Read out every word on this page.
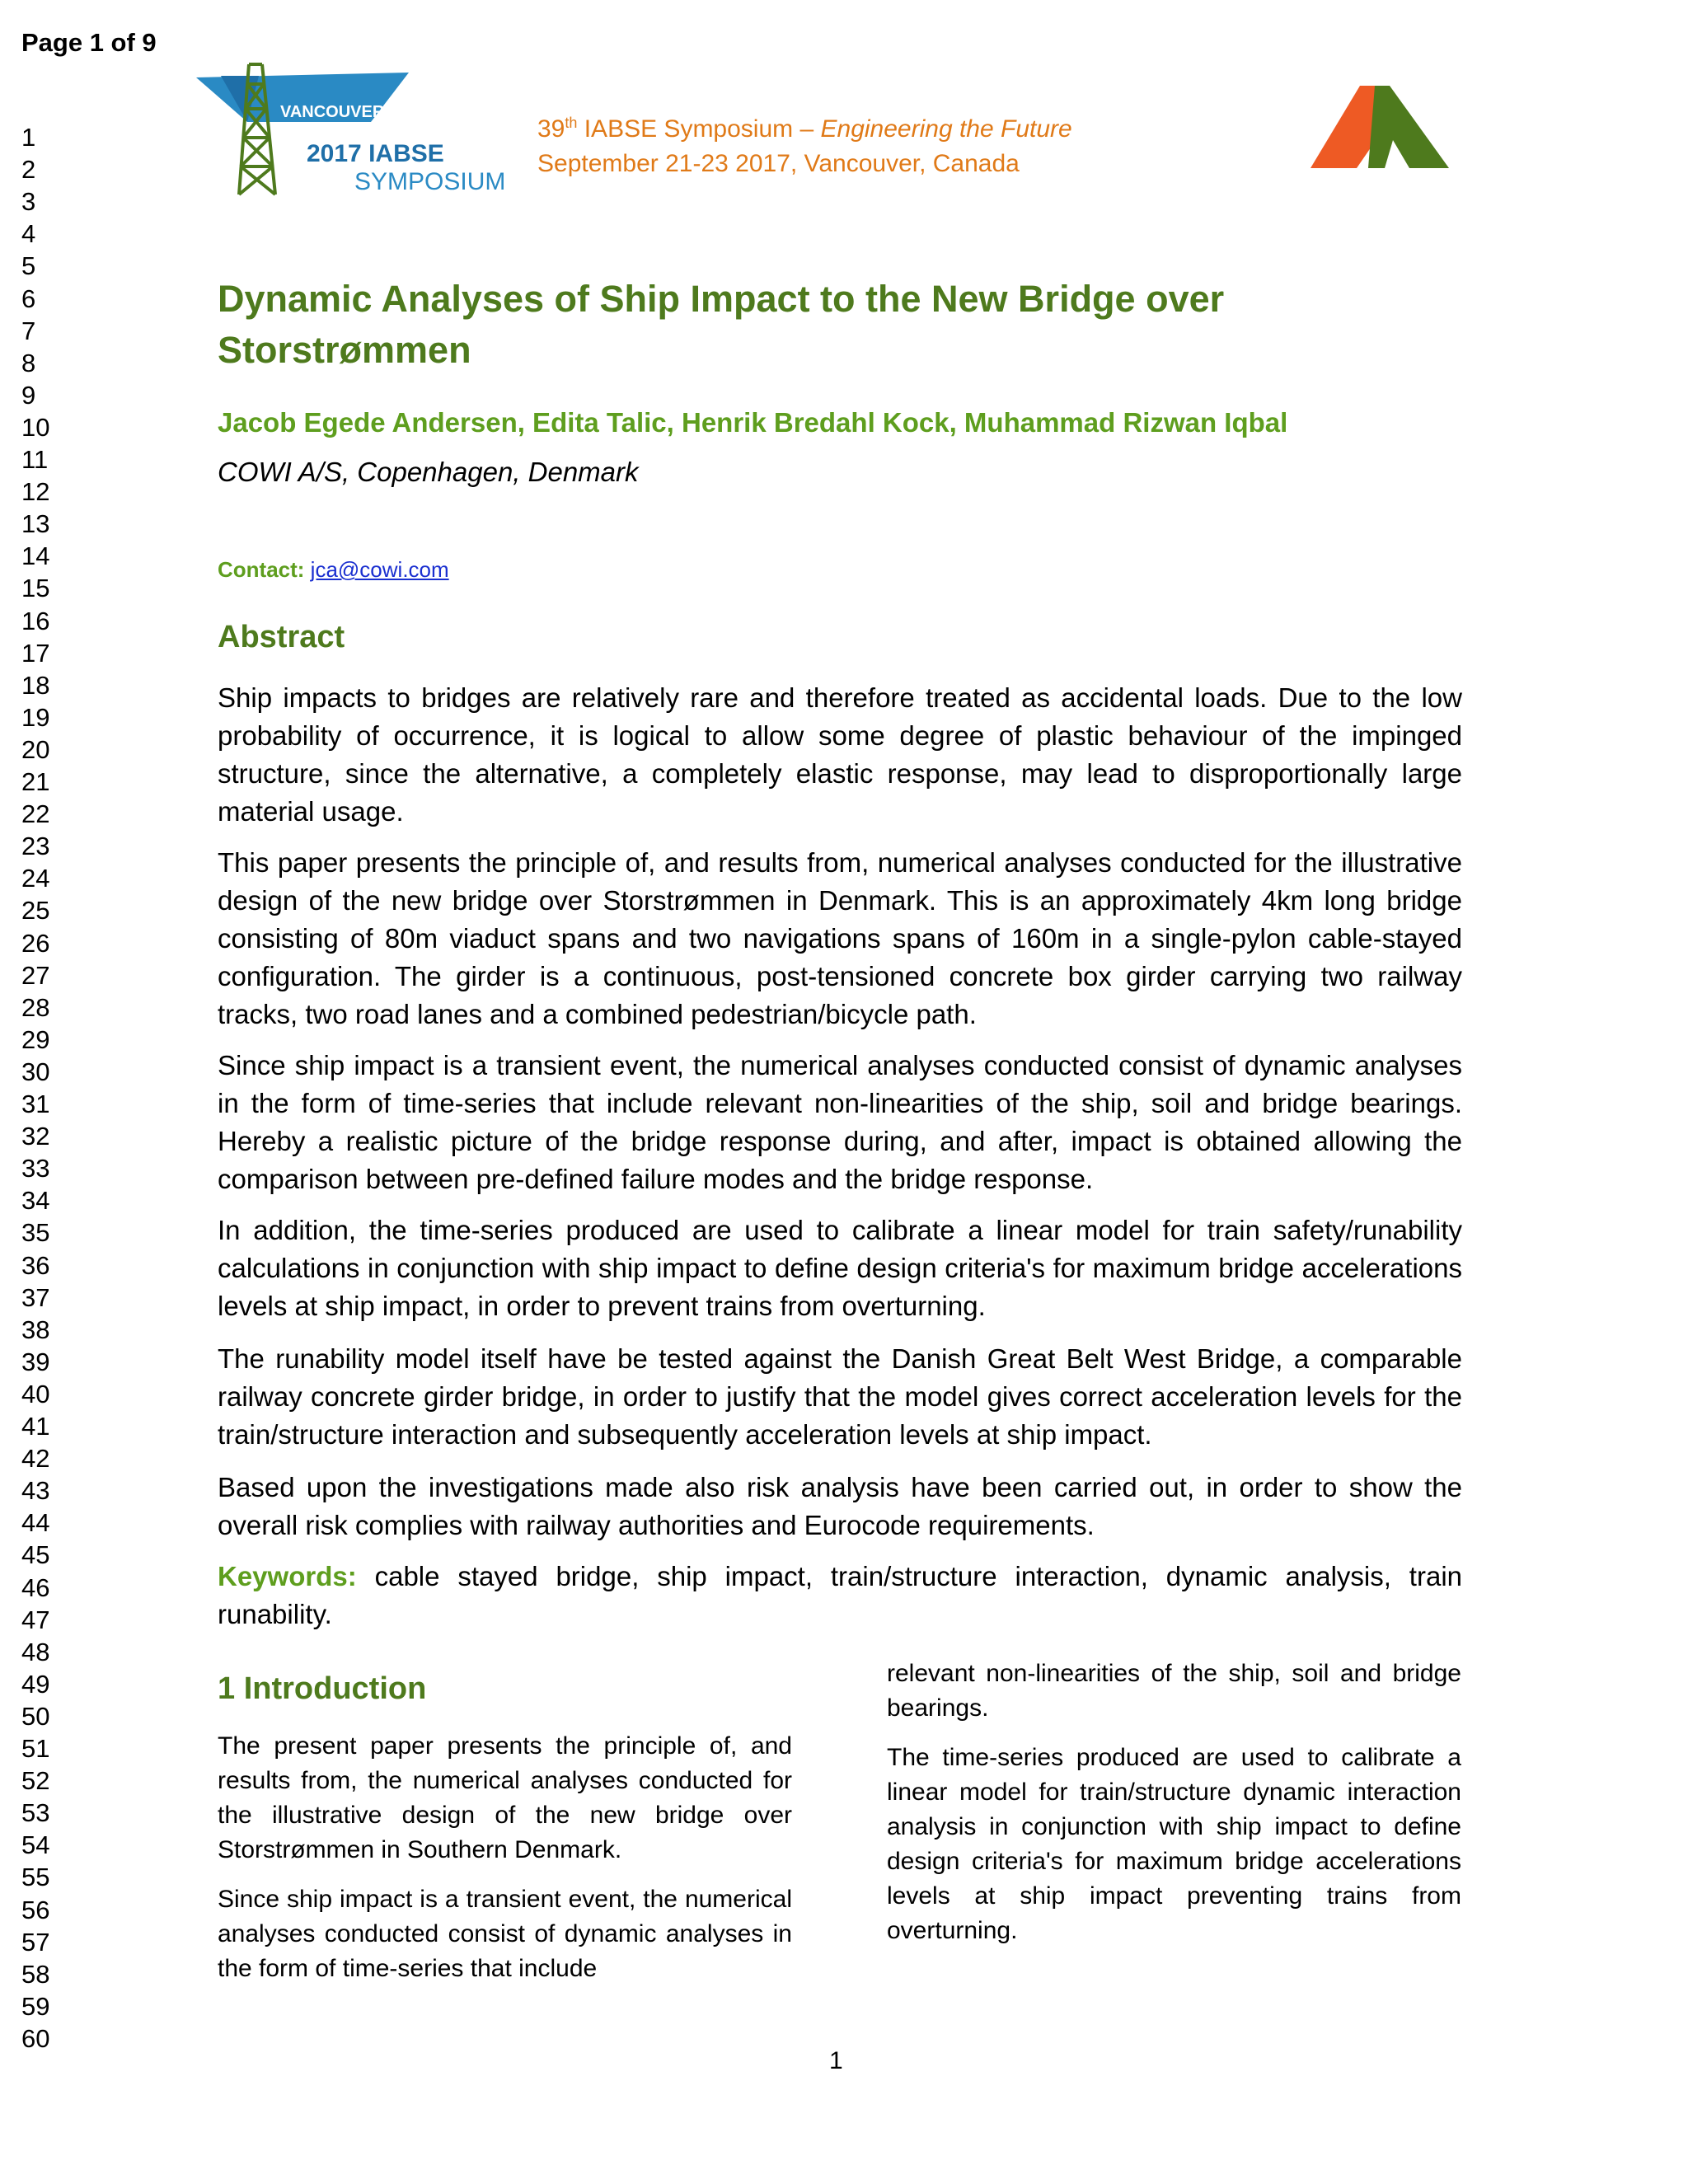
Page 1 of 9
1
2
3
4
5
6
7
8
9
10
11
12
13
14
15
16
17
18
19
20
21
22
23
24
25
26
27
28
29
30
31
32
33
34
35
36
37
38
39
40
41
42
43
44
45
46
47
48
49
50
51
52
53
54
55
56
57
58
59
60
VANCOUVER
2017 IABSE
SYMPOSIUM
39th IABSE Symposium – Engineering the Future
September 21-23 2017, Vancouver, Canada
Dynamic Analyses of Ship Impact to the New Bridge over
Storstrømmen

Jacob Egede Andersen, Edita Talic, Henrik Bredahl Kock, Muhammad Rizwan Iqbal

COWI A/S, Copenhagen, Denmark

Contact: jca@cowi.com
Abstract

Ship impacts to bridges are relatively rare and therefore treated as accidental loads. Due to the low probability of occurrence, it is logical to allow some degree of plastic behaviour of the impinged structure, since the alternative, a completely elastic response, may lead to disproportionally large material usage.

This paper presents the principle of, and results from, numerical analyses conducted for the illustrative design of the new bridge over Storstrømmen in Denmark. This is an approximately 4km long bridge consisting of 80m viaduct spans and two navigations spans of 160m in a single-pylon cable-stayed configuration. The girder is a continuous, post-tensioned concrete box girder carrying two railway tracks, two road lanes and a combined pedestrian/bicycle path.

Since ship impact is a transient event, the numerical analyses conducted consist of dynamic analyses in the form of time-series that include relevant non-linearities of the ship, soil and bridge bearings. Hereby a realistic picture of the bridge response during, and after, impact is obtained allowing the comparison between pre-defined failure modes and the bridge response.

In addition, the time-series produced are used to calibrate a linear model for train safety/runability calculations in conjunction with ship impact to define design criteria's for maximum bridge accelerations levels at ship impact, in order to prevent trains from overturning.

The runability model itself have be tested against the Danish Great Belt West Bridge, a comparable railway concrete girder bridge, in order to justify that the model gives correct acceleration levels for the train/structure interaction and subsequently acceleration levels at ship impact.

Based upon the investigations made also risk analysis have been carried out, in order to show the overall risk complies with railway authorities and Eurocode requirements.

Keywords: cable stayed bridge, ship impact, train/structure interaction, dynamic analysis, train runability.

1 Introduction

The present paper presents the principle of, and results from, the numerical analyses conducted for the illustrative design of the new bridge over Storstrømmen in Southern Denmark.

Since ship impact is a transient event, the numerical analyses conducted consist of dynamic analyses in the form of time-series that include

relevant non-linearities of the ship, soil and bridge bearings.

The time-series produced are used to calibrate a linear model for train/structure dynamic interaction analysis in conjunction with ship impact to define design criteria's for maximum bridge accelerations levels at ship impact preventing trains from overturning.

1
